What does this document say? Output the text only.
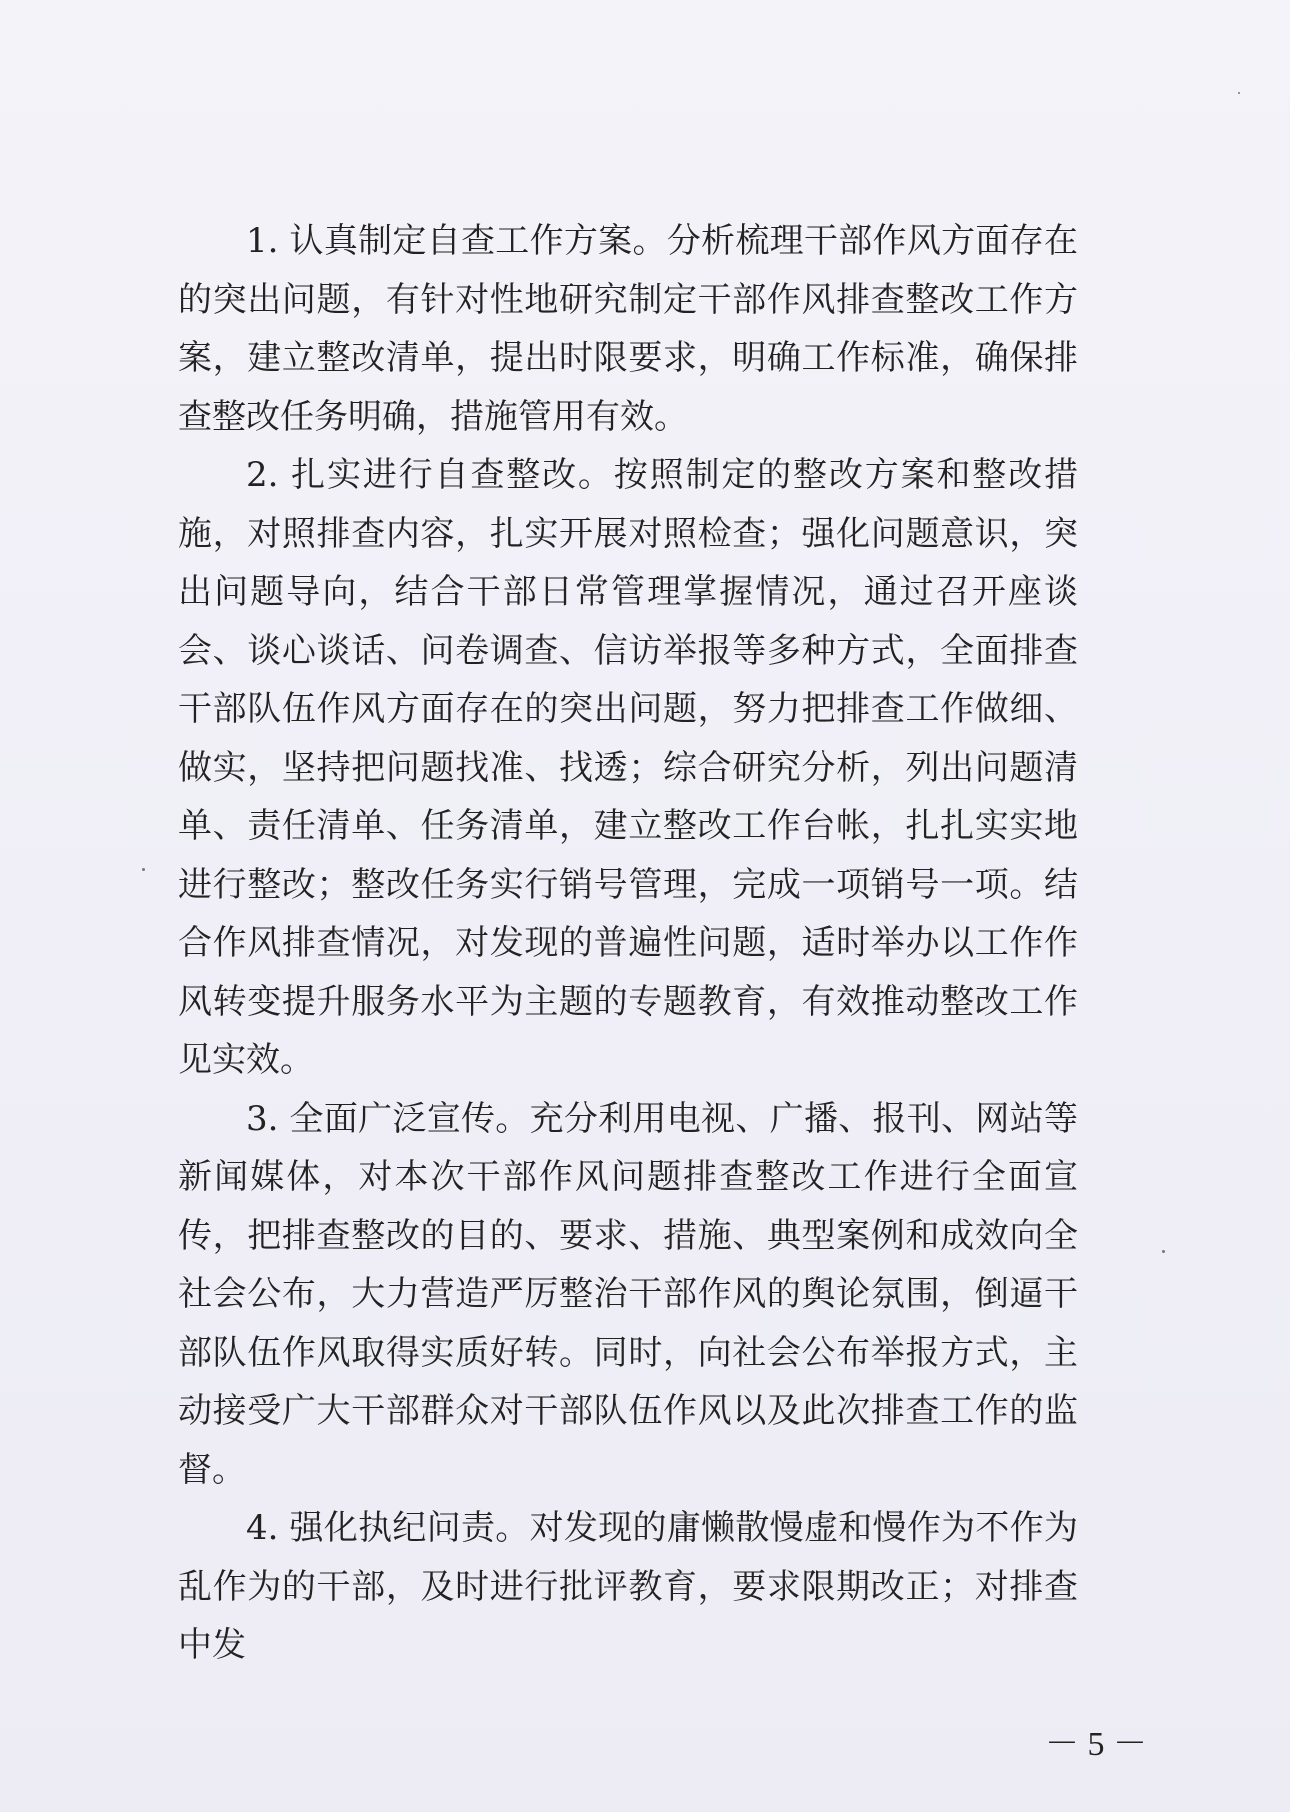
1. 认真制定自查工作方案。分析梳理干部作风方面存在的突出问题，有针对性地研究制定干部作风排查整改工作方案，建立整改清单，提出时限要求，明确工作标准，确保排查整改任务明确，措施管用有效。

2. 扎实进行自查整改。按照制定的整改方案和整改措施，对照排查内容，扎实开展对照检查；强化问题意识，突出问题导向，结合干部日常管理掌握情况，通过召开座谈会、谈心谈话、问卷调查、信访举报等多种方式，全面排查干部队伍作风方面存在的突出问题，努力把排查工作做细、做实，坚持把问题找准、找透；综合研究分析，列出问题清单、责任清单、任务清单，建立整改工作台帐，扎扎实实地进行整改；整改任务实行销号管理，完成一项销号一项。结合作风排查情况，对发现的普遍性问题，适时举办以工作作风转变提升服务水平为主题的专题教育，有效推动整改工作见实效。

3. 全面广泛宣传。充分利用电视、广播、报刊、网站等新闻媒体，对本次干部作风问题排查整改工作进行全面宣传，把排查整改的目的、要求、措施、典型案例和成效向全社会公布，大力营造严厉整治干部作风的舆论氛围，倒逼干部队伍作风取得实质好转。同时，向社会公布举报方式，主动接受广大干部群众对干部队伍作风以及此次排查工作的监督。

4. 强化执纪问责。对发现的庸懒散慢虚和慢作为不作为乱作为的干部，及时进行批评教育，要求限期改正；对排查中发

－ 5 －
